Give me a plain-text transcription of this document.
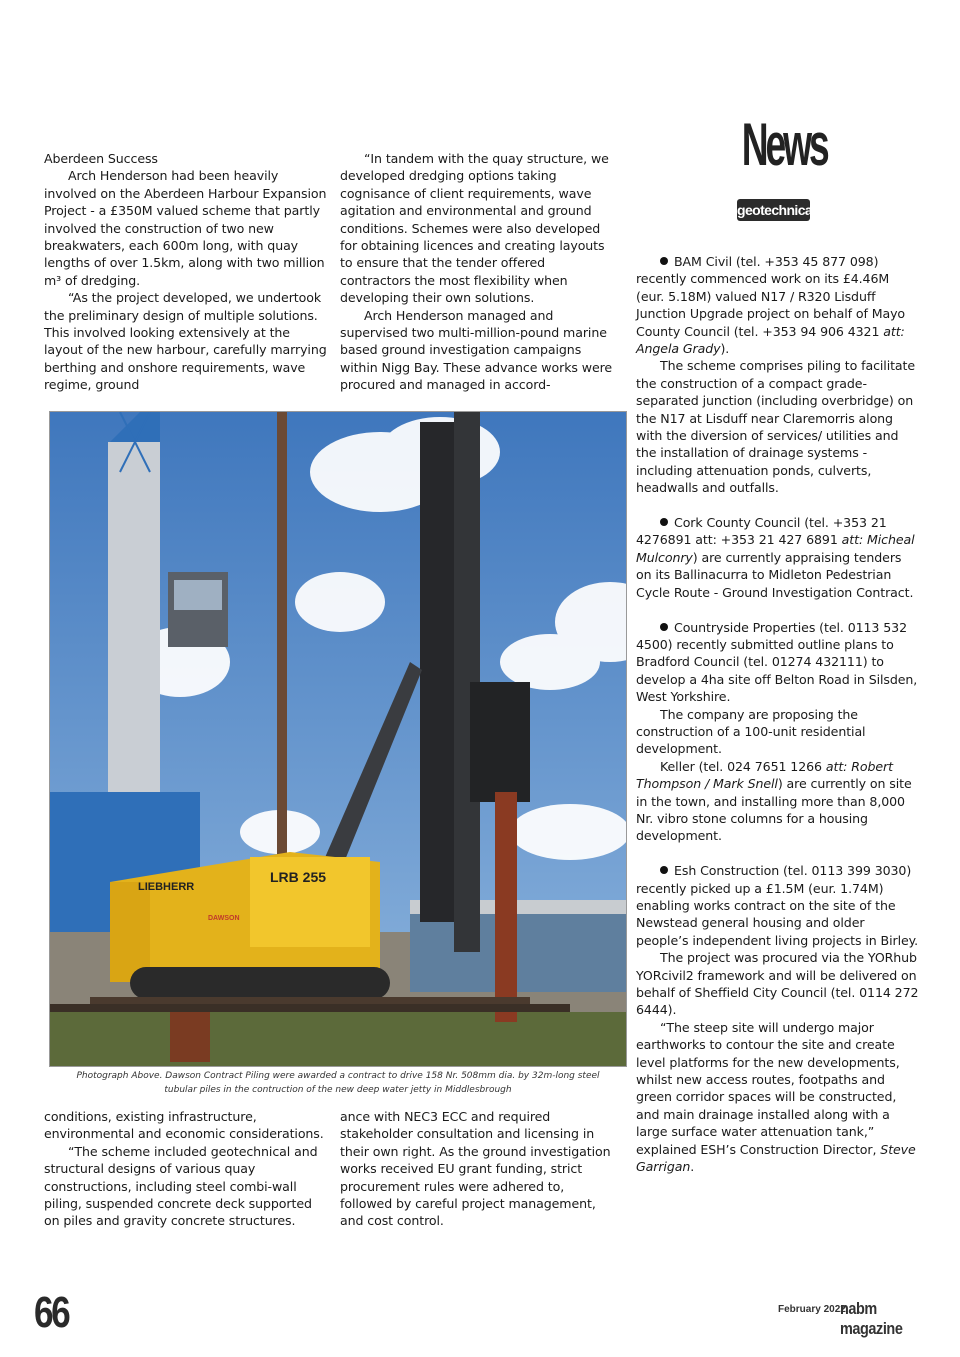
News
geotechnical

Aberdeen Success

Arch Henderson had been heavily involved on the Aberdeen Harbour Expansion Project - a £350M valued scheme that partly involved the construction of two new breakwaters, each 600m long, with quay lengths of over 1.5km, along with two million m³ of dredging.

“As the project developed, we undertook the preliminary design of multiple solutions. This involved looking extensively at the layout of the new harbour, carefully marrying berthing and onshore requirements, wave regime, ground

“In tandem with the quay structure, we developed dredging options taking cognisance of client requirements, wave agitation and environmental and ground conditions. Schemes were also developed for obtaining licences and creating layouts to ensure that the tender offered contractors the most flexibility when developing their own solutions.

Arch Henderson managed and supervised two multi-million-pound marine based ground investigation campaigns within Nigg Bay. These advance works were procured and managed in accord-

LIEBHERR
LRB 255
DAWSON
Photograph Above. Dawson Contract Piling were awarded a contract to drive 158 Nr. 508mm dia. by 32m-long steel tubular piles in the contruction of the new deep water jetty in Middlesbrough

conditions, existing infrastructure, environmental and economic considerations.

“The scheme included geotechnical and structural designs of various quay constructions, including steel combi-wall piling, suspended concrete deck supported on piles and gravity concrete structures.

ance with NEC3 ECC and required stakeholder consultation and licensing in their own right. As the ground investigation works received EU grant funding, strict procurement rules were adhered to, followed by careful project management, and cost control.

BAM Civil (tel. +353 45 877 098) recently commenced work on its £4.46M (eur. 5.18M) valued N17 / R320 Lisduff Junction Upgrade project on behalf of Mayo County Council (tel. +353 94 906 4321 att: Angela Grady).

The scheme comprises piling to facilitate the construction of a compact grade-separated junction (including overbridge) on the N17 at Lisduff near Claremorris along with the diversion of services/ utilities and the installation of drainage systems - including attenuation ponds, culverts, headwalls and outfalls.

Cork County Council (tel. +353 21 4276891 att: +353 21 427 6891 att: Micheal Mulconry) are currently appraising tenders on its Ballinacurra to Midleton Pedestrian Cycle Route - Ground Investigation Contract.

Countryside Properties (tel. 0113 532 4500) recently submitted outline plans to Bradford Council (tel. 01274 432111) to develop a 4ha site off Belton Road in Silsden, West Yorkshire.

The company are proposing the construction of a 100-unit residential development.

Keller (tel. 024 7651 1266 att: Robert Thompson / Mark Snell) are currently on site in the town, and installing more than 8,000 Nr. vibro stone columns for a housing development.

Esh Construction (tel. 0113 399 3030) recently picked up a £1.5M (eur. 1.74M) enabling works contract on the site of the Newstead general housing and older people’s independent living projects in Birley.

The project was procured via the YORhub YORcivil2 framework and will be delivered on behalf of Sheffield City Council (tel. 0114 272 6444).

“The steep site will undergo major earthworks to contour the site and create level platforms for the new developments, whilst new access routes, footpaths and green corridor spaces will be constructed, and main drainage installed along with a large surface water attenuation tank,” explained ESH’s Construction Director, Steve Garrigan.

66	February 2022
nabm magazine
